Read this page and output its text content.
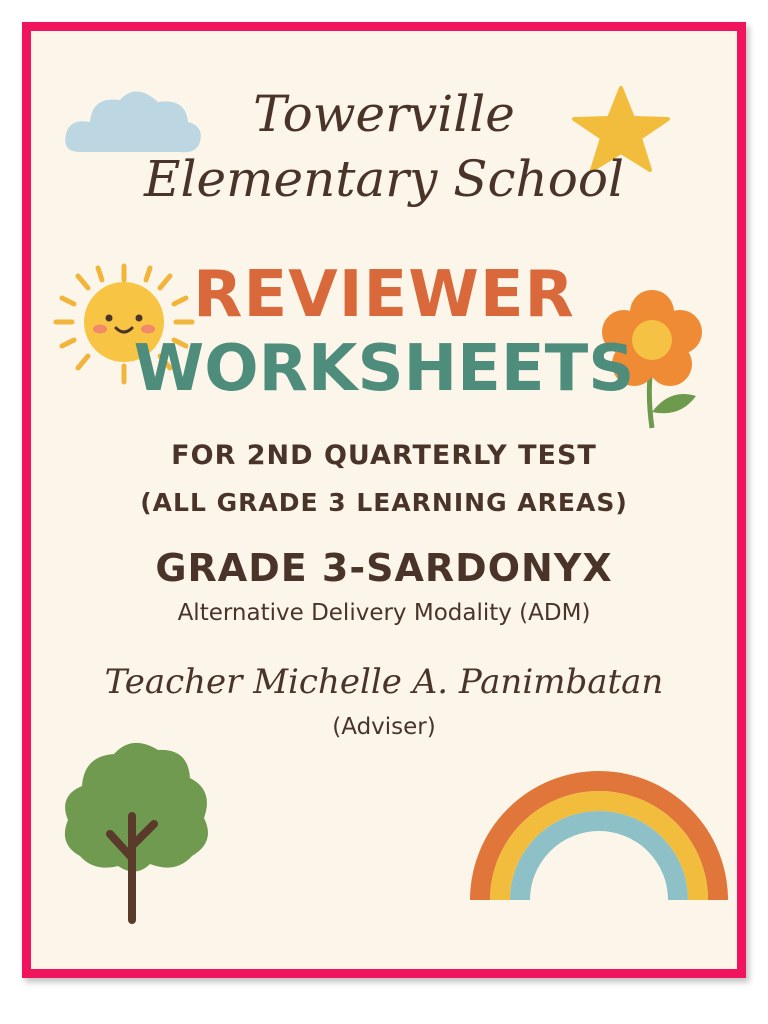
Towerville
Elementary School
REVIEWER
WORKSHEETS
FOR 2ND QUARTERLY TEST
(ALL GRADE 3 LEARNING AREAS)
GRADE 3-SARDONYX
Alternative Delivery Modality (ADM)
Teacher Michelle A. Panimbatan
(Adviser)
